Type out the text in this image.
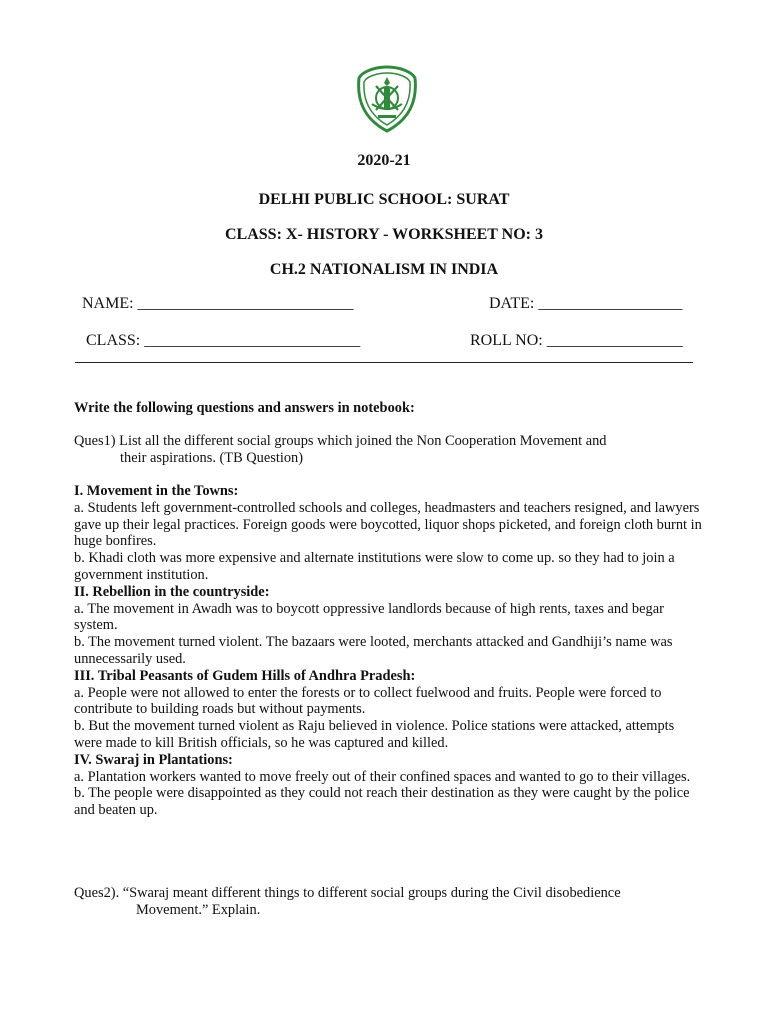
2020-21
DELHI PUBLIC SCHOOL: SURAT
CLASS: X- HISTORY - WORKSHEET NO: 3
CH.2 NATIONALISM IN INDIA
NAME: ___________________________	DATE: __________________
CLASS: ___________________________	ROLL NO: _________________

Write the following questions and answers in notebook:

Ques1) List all the different social groups which joined the Non Cooperation Movement and

their aspirations. (TB Question)

I. Movement in the Towns:

a. Students left government-controlled schools and colleges, headmasters and teachers resigned, and lawyers gave up their legal practices. Foreign goods were boycotted, liquor shops picketed, and foreign cloth burnt in huge bonfires.

b. Khadi cloth was more expensive and alternate institutions were slow to come up. so they had to join a government institution.

II. Rebellion in the countryside:

a. The movement in Awadh was to boycott oppressive landlords because of high rents, taxes and begar system.

b. The movement turned violent. The bazaars were looted, merchants attacked and Gandhiji’s name was unnecessarily used.

III. Tribal Peasants of Gudem Hills of Andhra Pradesh:

a. People were not allowed to enter the forests or to collect fuelwood and fruits. People were forced to contribute to building roads but without payments.

b. But the movement turned violent as Raju believed in violence. Police stations were attacked, attempts were made to kill British officials, so he was captured and killed.

IV. Swaraj in Plantations:

a. Plantation workers wanted to move freely out of their confined spaces and wanted to go to their villages.

b. The people were disappointed as they could not reach their destination as they were caught by the police and beaten up.

Ques2). “Swaraj meant different things to different social groups during the Civil disobedience

Movement.” Explain.
